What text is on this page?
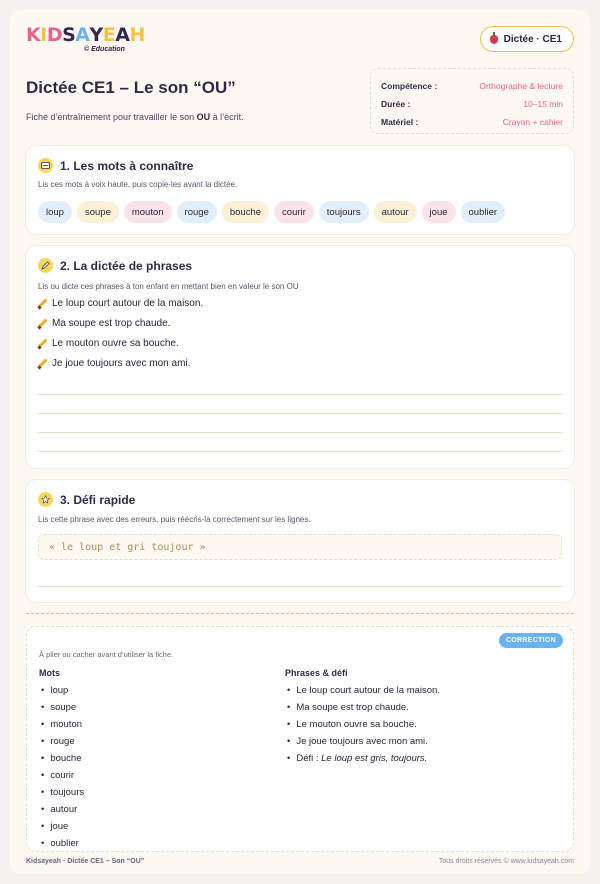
KIDSAYEAH
© Education
Dictée · CE1
Dictée CE1 – Le son “OU”
Fiche d’entraînement pour travailler le son OU à l’écrit.
Compétence :	Orthographe & lecture
Durée :	10–15 min
Matériel :	Crayon + cahier
1. Les mots à connaître
Lis ces mots à voix haute, puis copie-les avant la dictée.
loup	soupe	mouton	rouge	bouche	courir	toujours	autour	joue	oublier
2. La dictée de phrases
Lis ou dicte ces phrases à ton enfant en mettant bien en valeur le son OU
Le loup court autour de la maison.
Ma soupe est trop chaude.
Le mouton ouvre sa bouche.
Je joue toujours avec mon ami.
3. Défi rapide
Lis cette phrase avec des erreurs, puis réécris-la correctement sur les lignes.
« le loup et gri toujour »
CORRECTION
À plier ou cacher avant d’utiliser la fiche.
Mots
• loup
• soupe
• mouton
• rouge
• bouche
• courir
• toujours
• autour
• joue
• oublier
Phrases & défi
• Le loup court autour de la maison.
• Ma soupe est trop chaude.
• Le mouton ouvre sa bouche.
• Je joue toujours avec mon ami.
• Défi : Le loup est gris, toujours.
Kidsayeah · Dictée CE1 – Son “OU”	Tous droits réservés © www.kidsayeah.com
